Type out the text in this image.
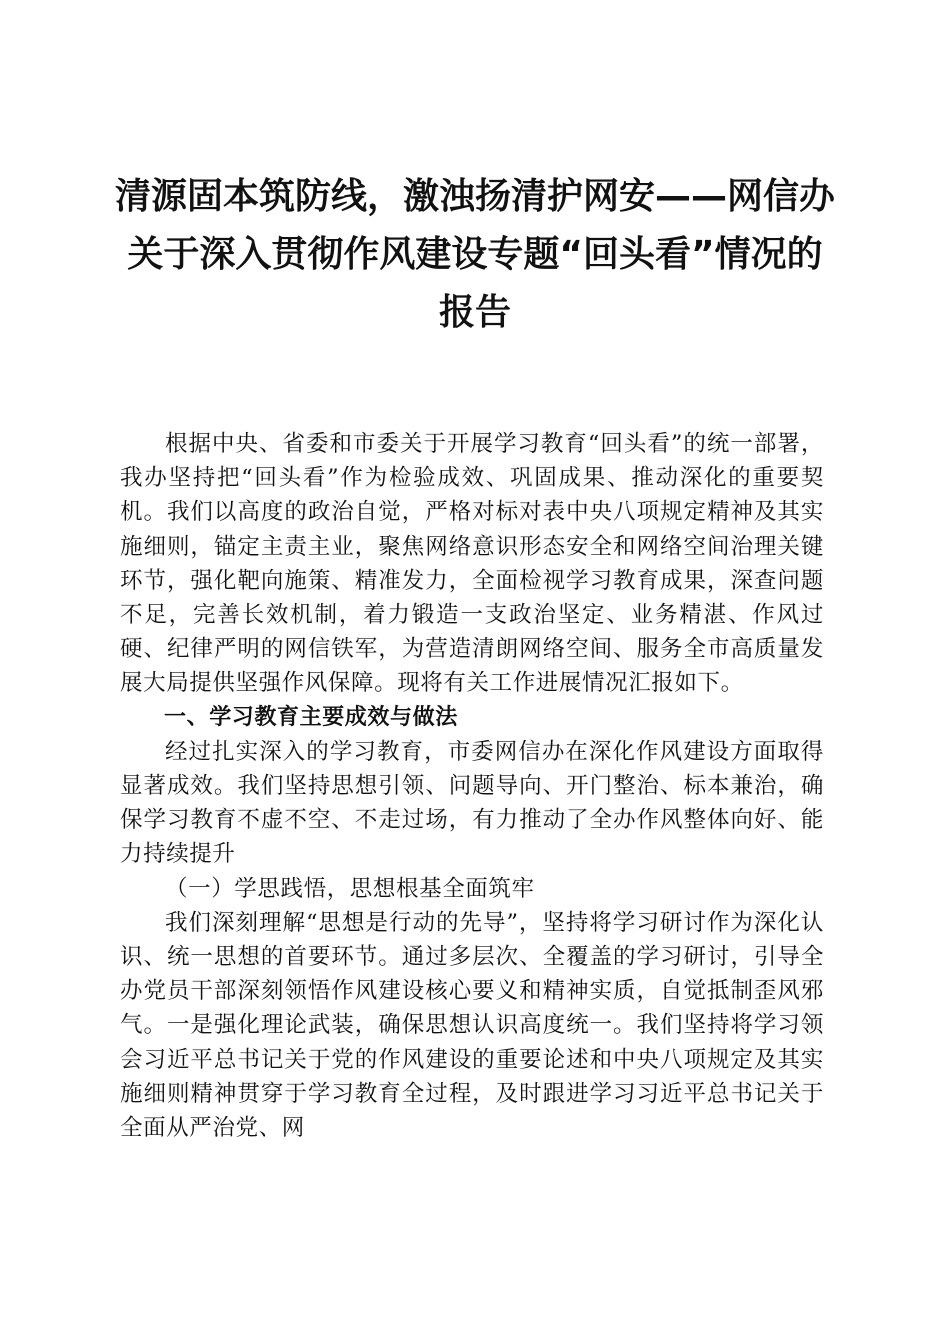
清源固本筑防线，激浊扬清护网安——网信办
关于深入贯彻作风建设专题“回头看”情况的
报告

根据中央、省委和市委关于开展学习教育“回头看”的统一部署，我办坚持把“回头看”作为检验成效、巩固成果、推动深化的重要契机。我们以高度的政治自觉，严格对标对表中央八项规定精神及其实施细则，锚定主责主业，聚焦网络意识形态安全和网络空间治理关键环节，强化靶向施策、精准发力，全面检视学习教育成果，深查问题不足，完善长效机制，着力锻造一支政治坚定、业务精湛、作风过硬、纪律严明的网信铁军，为营造清朗网络空间、服务全市高质量发展大局提供坚强作风保障。现将有关工作进展情况汇报如下。

一、学习教育主要成效与做法

经过扎实深入的学习教育，市委网信办在深化作风建设方面取得显著成效。我们坚持思想引领、问题导向、开门整治、标本兼治，确保学习教育不虚不空、不走过场，有力推动了全办作风整体向好、能力持续提升

（一）学思践悟，思想根基全面筑牢

我们深刻理解“思想是行动的先导”，坚持将学习研讨作为深化认识、统一思想的首要环节。通过多层次、全覆盖的学习研讨，引导全办党员干部深刻领悟作风建设核心要义和精神实质，自觉抵制歪风邪气。一是强化理论武装，确保思想认识高度统一。我们坚持将学习领会习近平总书记关于党的作风建设的重要论述和中央八项规定及其实施细则精神贯穿于学习教育全过程，及时跟进学习习近平总书记关于全面从严治党、网
